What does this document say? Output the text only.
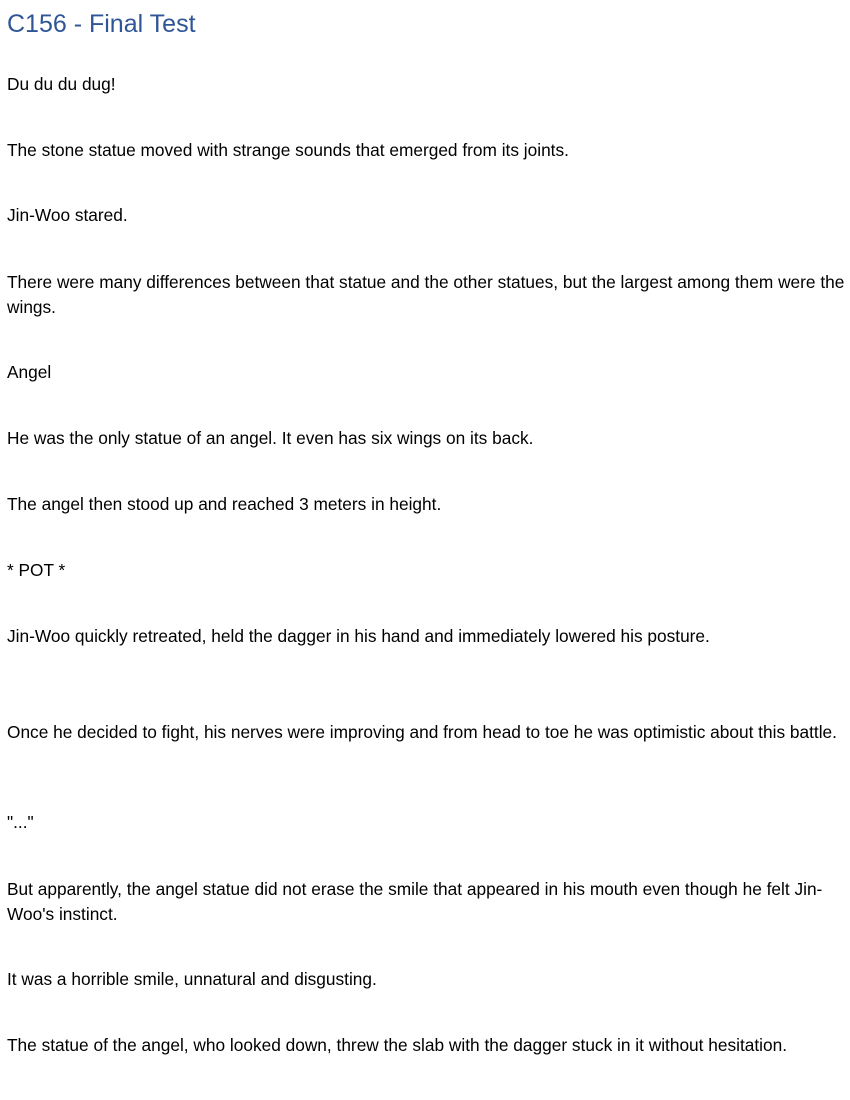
C156 - Final Test

Du du du dug!

The stone statue moved with strange sounds that emerged from its joints.

Jin-Woo stared.

There were many differences between that statue and the other statues, but the largest among them were the wings.

Angel

He was the only statue of an angel. It even has six wings on its back.

The angel then stood up and reached 3 meters in height.

* POT *

Jin-Woo quickly retreated, held the dagger in his hand and immediately lowered his posture.

Once he decided to fight, his nerves were improving and from head to toe he was optimistic about this battle.

"..."

But apparently, the angel statue did not erase the smile that appeared in his mouth even though he felt Jin-Woo's instinct.

It was a horrible smile, unnatural and disgusting.

The statue of the angel, who looked down, threw the slab with the dagger stuck in it without hesitation.
